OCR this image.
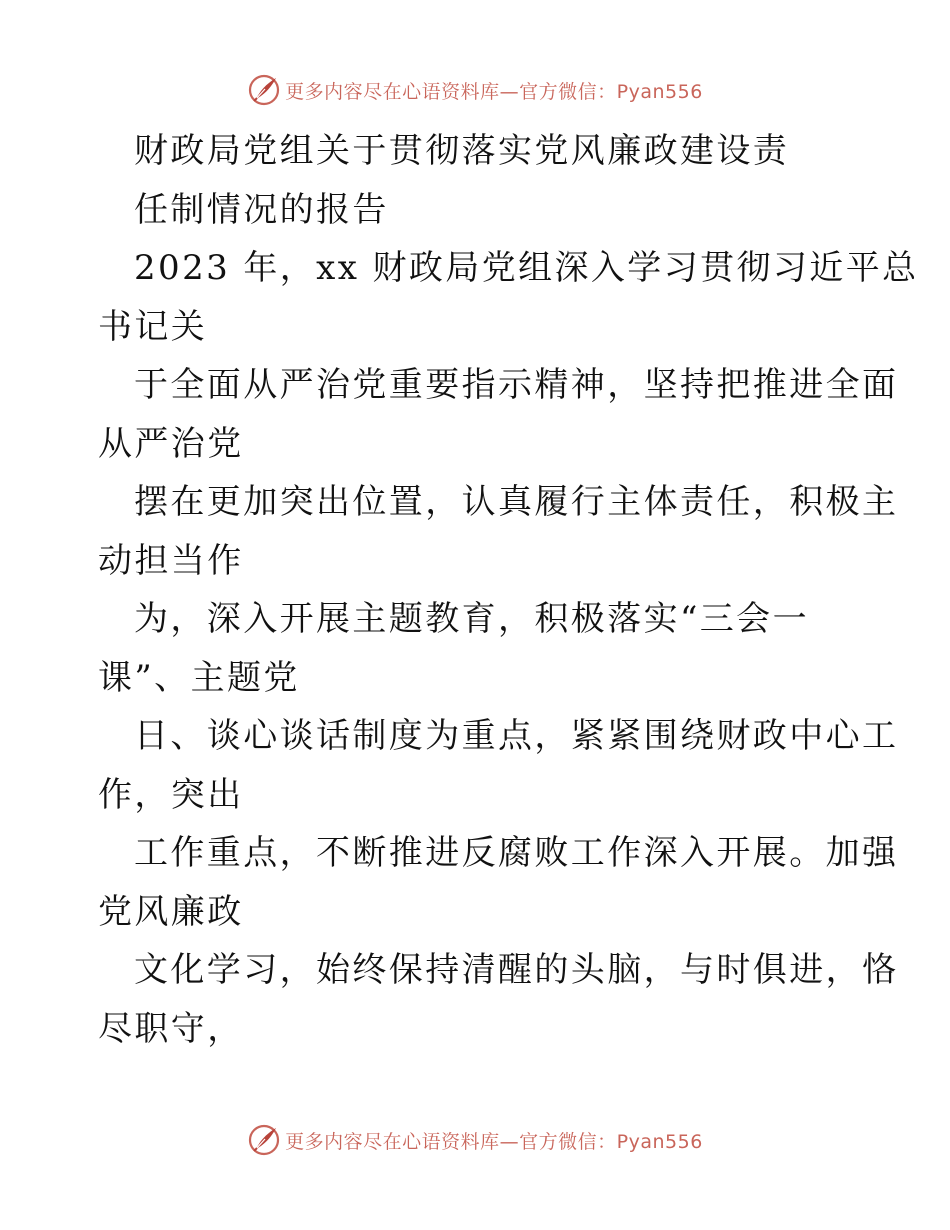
更多内容尽在心语资料库—官方微信：Pyan556
财政局党组关于贯彻落实党风廉政建设责
任制情况的报告
2023 年，xx 财政局党组深入学习贯彻习近平总
书记关
于全面从严治党重要指示精神，坚持把推进全面
从严治党
摆在更加突出位置，认真履行主体责任，积极主
动担当作
为，深入开展主题教育，积极落实“三会一
课”、主题党
日、谈心谈话制度为重点，紧紧围绕财政中心工
作，突出
工作重点，不断推进反腐败工作深入开展。加强
党风廉政
文化学习，始终保持清醒的头脑，与时俱进，恪
尽职守，
更多内容尽在心语资料库—官方微信：Pyan556
